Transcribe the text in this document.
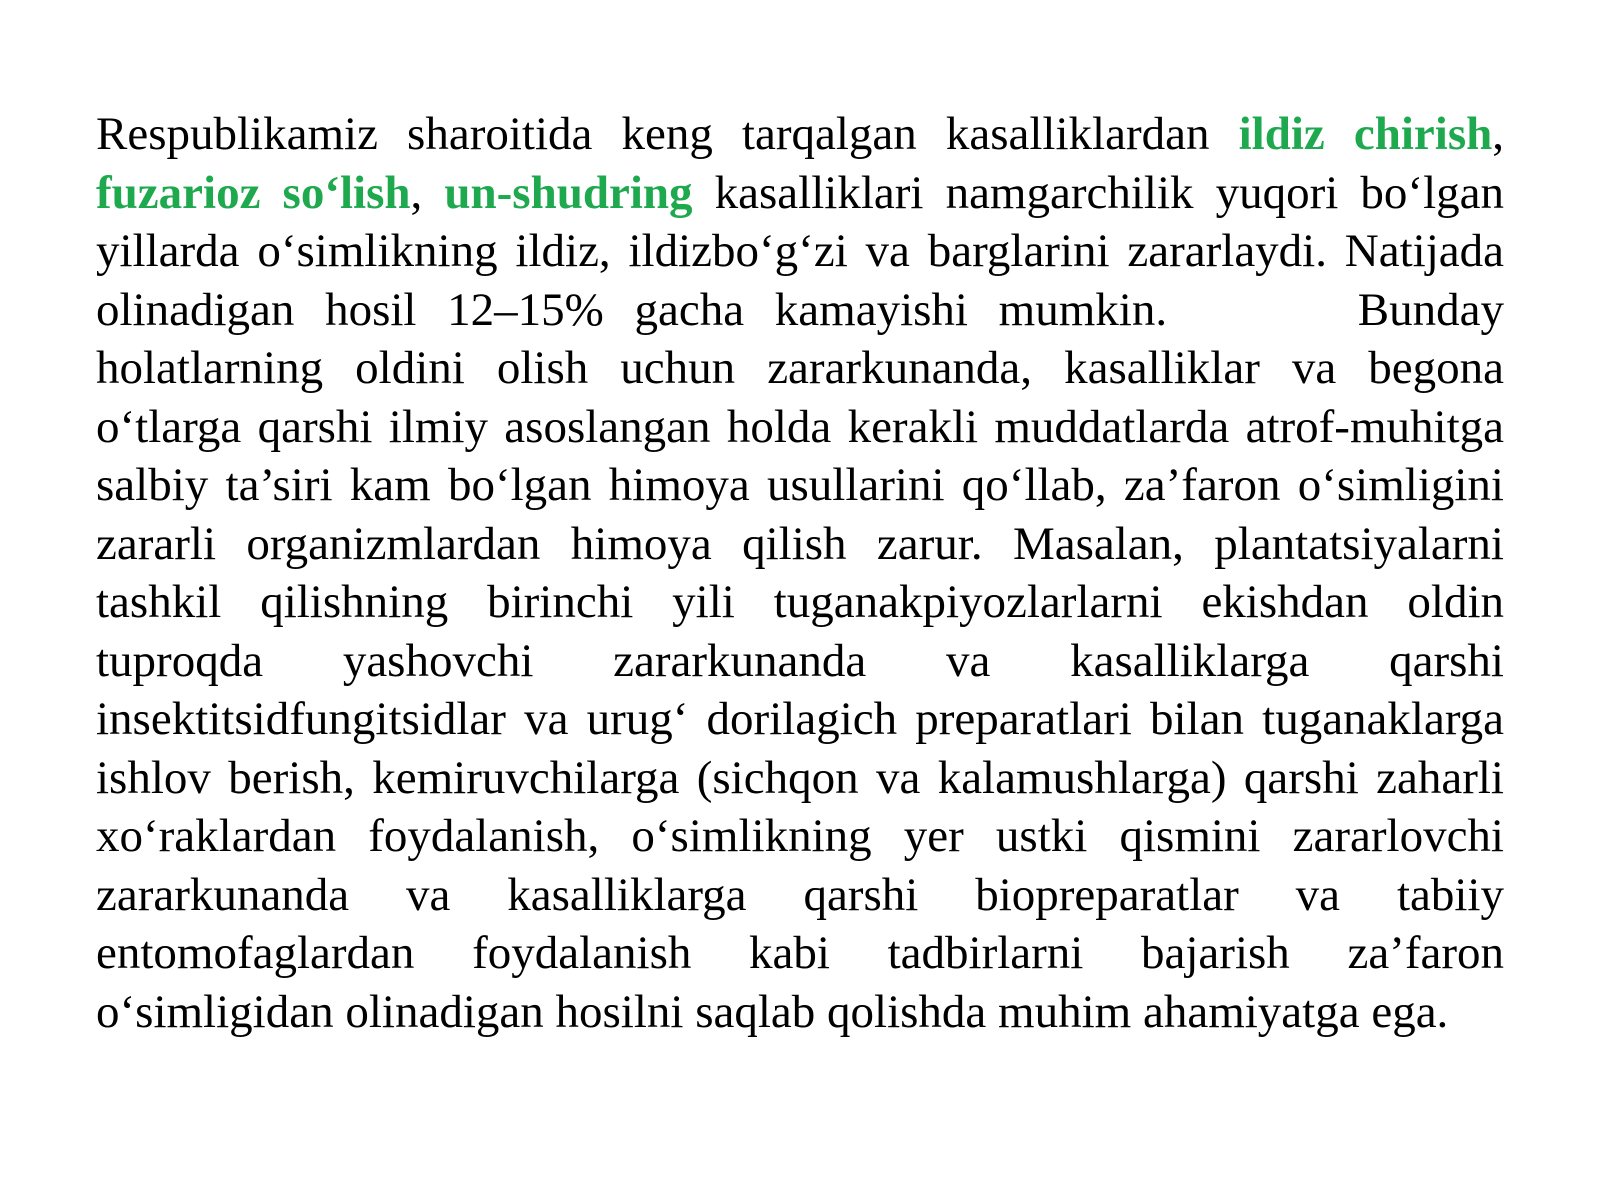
Respublikamiz sharoitida keng tarqalgan kasalliklardan ildiz chirish, fuzarioz so‘lish, un-shudring kasalliklari namgarchilik yuqori bo‘lgan yillarda o‘simlikning ildiz, ildizbo‘g‘zi va barglarini zararlaydi. Natijada olinadigan hosil 12–15% gacha kamayishi mumkin.	Bunday holatlarning oldini olish uchun zararkunanda, kasalliklar va begona o‘tlarga qarshi ilmiy asoslangan holda kerakli muddatlarda atrof-muhitga salbiy ta’siri kam bo‘lgan himoya usullarini qo‘llab, za’faron o‘simligini zararli organizmlardan himoya qilish zarur. Masalan, plantatsiyalarni tashkil qilishning birinchi yili tuganakpiyozlarlarni ekishdan oldin tuproqda yashovchi zararkunanda va kasalliklarga qarshi insektitsidfungitsidlar va urug‘ dorilagich preparatlari bilan tuganaklarga ishlov berish, kemiruvchilarga (sichqon va kalamushlarga) qarshi zaharli xo‘raklardan foydalanish, o‘simlikning yer ustki qismini zararlovchi zararkunanda va kasalliklarga qarshi biopreparatlar va tabiiy entomofaglardan foydalanish kabi tadbirlarni bajarish za’faron o‘simligidan olinadigan hosilni saqlab qolishda muhim ahamiyatga ega.
